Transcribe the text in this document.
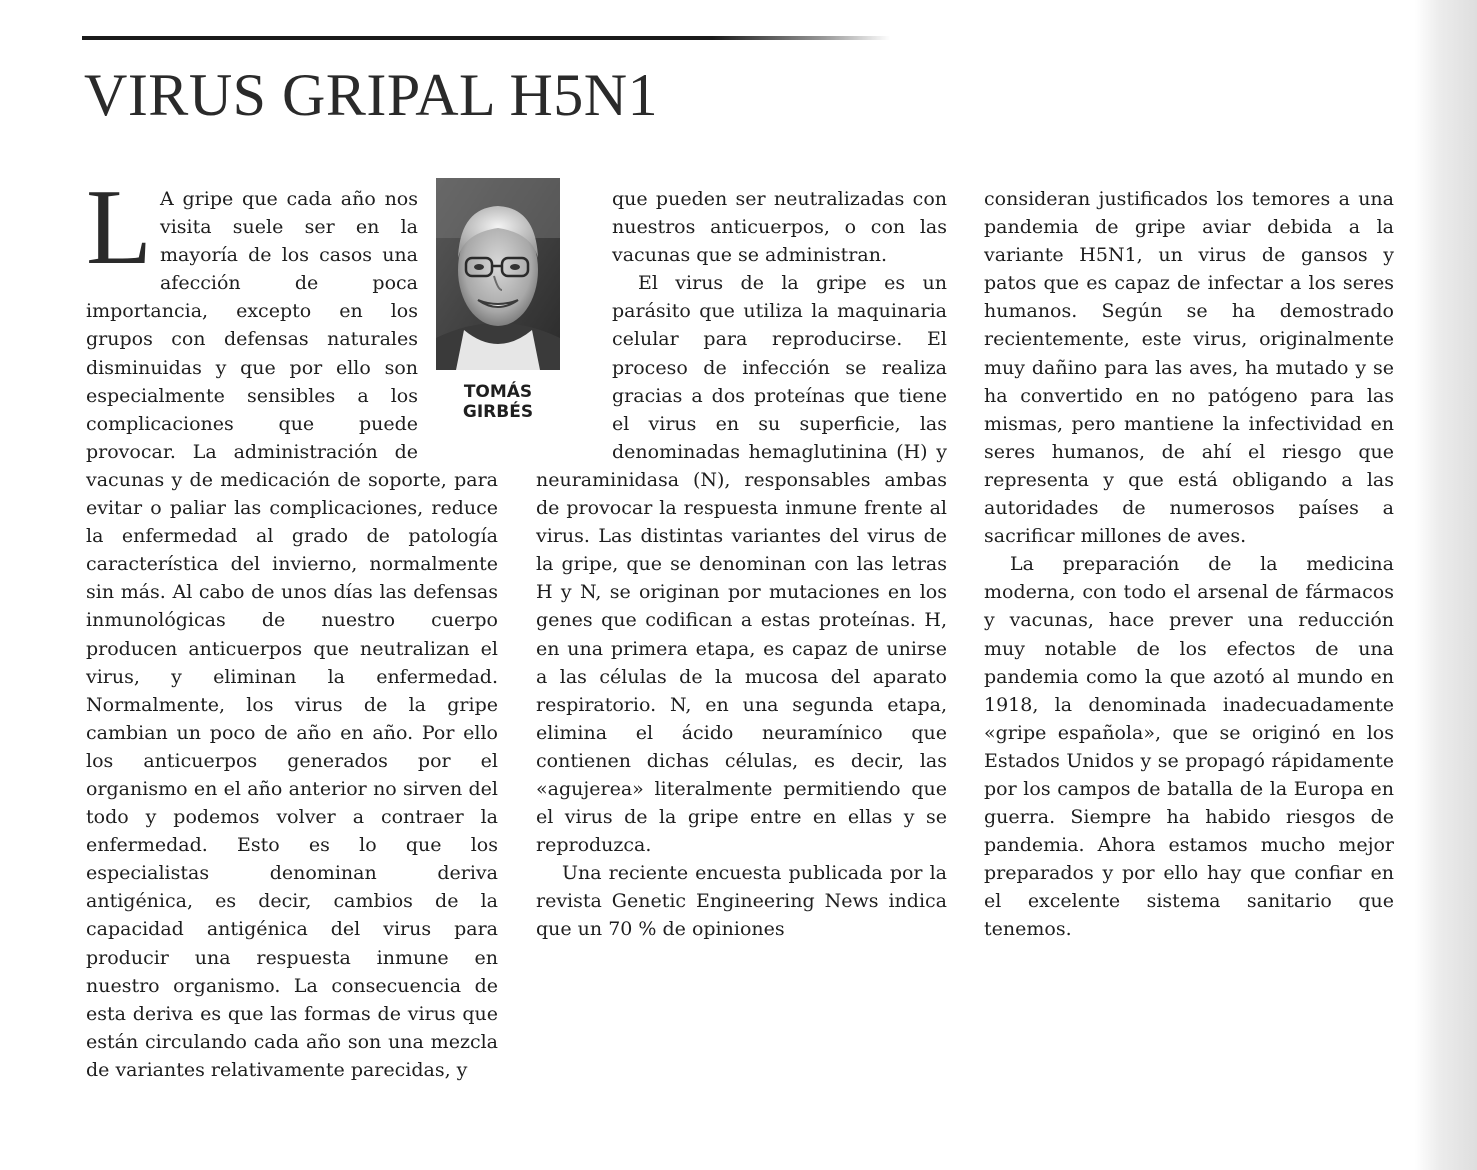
VIRUS GRIPAL H5N1

L A gripe que cada año nos visita suele ser en la mayoría de los casos una afección de poca importancia, excepto en los grupos con defensas naturales disminuidas y que por ello son especialmente sensibles a los complicaciones que puede provocar. La administración de vacunas y de medicación de soporte, para evitar o paliar las complicaciones, reduce la enfermedad al grado de patología característica del invierno, normalmente sin más. Al cabo de unos días las defensas inmunológicas de nuestro cuerpo producen anticuerpos que neutralizan el virus, y eliminan la enfermedad. Normalmente, los virus de la gripe cambian un poco de año en año. Por ello los anticuerpos generados por el organismo en el año anterior no sirven del todo y podemos volver a contraer la enfermedad. Esto es lo que los especialistas denominan deriva antigénica, es decir, cambios de la capacidad antigénica del virus para producir una respuesta inmune en nuestro organismo. La consecuencia de esta deriva es que las formas de virus que están circulando cada año son una mezcla de variantes relativamente parecidas, y

TOMÁS
GIRBÉS

que pueden ser neutralizadas con nuestros anticuerpos, o con las vacunas que se administran.

El virus de la gripe es un parásito que utiliza la maquinaria celular para reproducirse. El proceso de infección se realiza gracias a dos proteínas que tiene el virus en su superficie, las denominadas hemaglutinina (H) y neuraminidasa (N), responsables ambas de provocar la respuesta inmune frente al virus. Las distintas variantes del virus de la gripe, que se denominan con las letras H y N, se originan por mutaciones en los genes que codifican a estas proteínas. H, en una primera etapa, es capaz de unirse a las células de la mucosa del aparato respiratorio. N, en una segunda etapa, elimina el ácido neuramínico que contienen dichas células, es decir, las «agujerea» literalmente permitiendo que el virus de la gripe entre en ellas y se reproduzca.

Una reciente encuesta publicada por la revista Genetic Engineering News indica que un 70 % de opiniones

consideran justificados los temores a una pandemia de gripe aviar debida a la variante H5N1, un virus de gansos y patos que es capaz de infectar a los seres humanos. Según se ha demostrado recientemente, este virus, originalmente muy dañino para las aves, ha mutado y se ha convertido en no patógeno para las mismas, pero mantiene la infectividad en seres humanos, de ahí el riesgo que representa y que está obligando a las autoridades de numerosos países a sacrificar millones de aves.

La preparación de la medicina moderna, con todo el arsenal de fármacos y vacunas, hace prever una reducción muy notable de los efectos de una pandemia como la que azotó al mundo en 1918, la denominada inadecuadamente «gripe española», que se originó en los Estados Unidos y se propagó rápidamente por los campos de batalla de la Europa en guerra. Siempre ha habido riesgos de pandemia. Ahora estamos mucho mejor preparados y por ello hay que confiar en el excelente sistema sanitario que tenemos.
